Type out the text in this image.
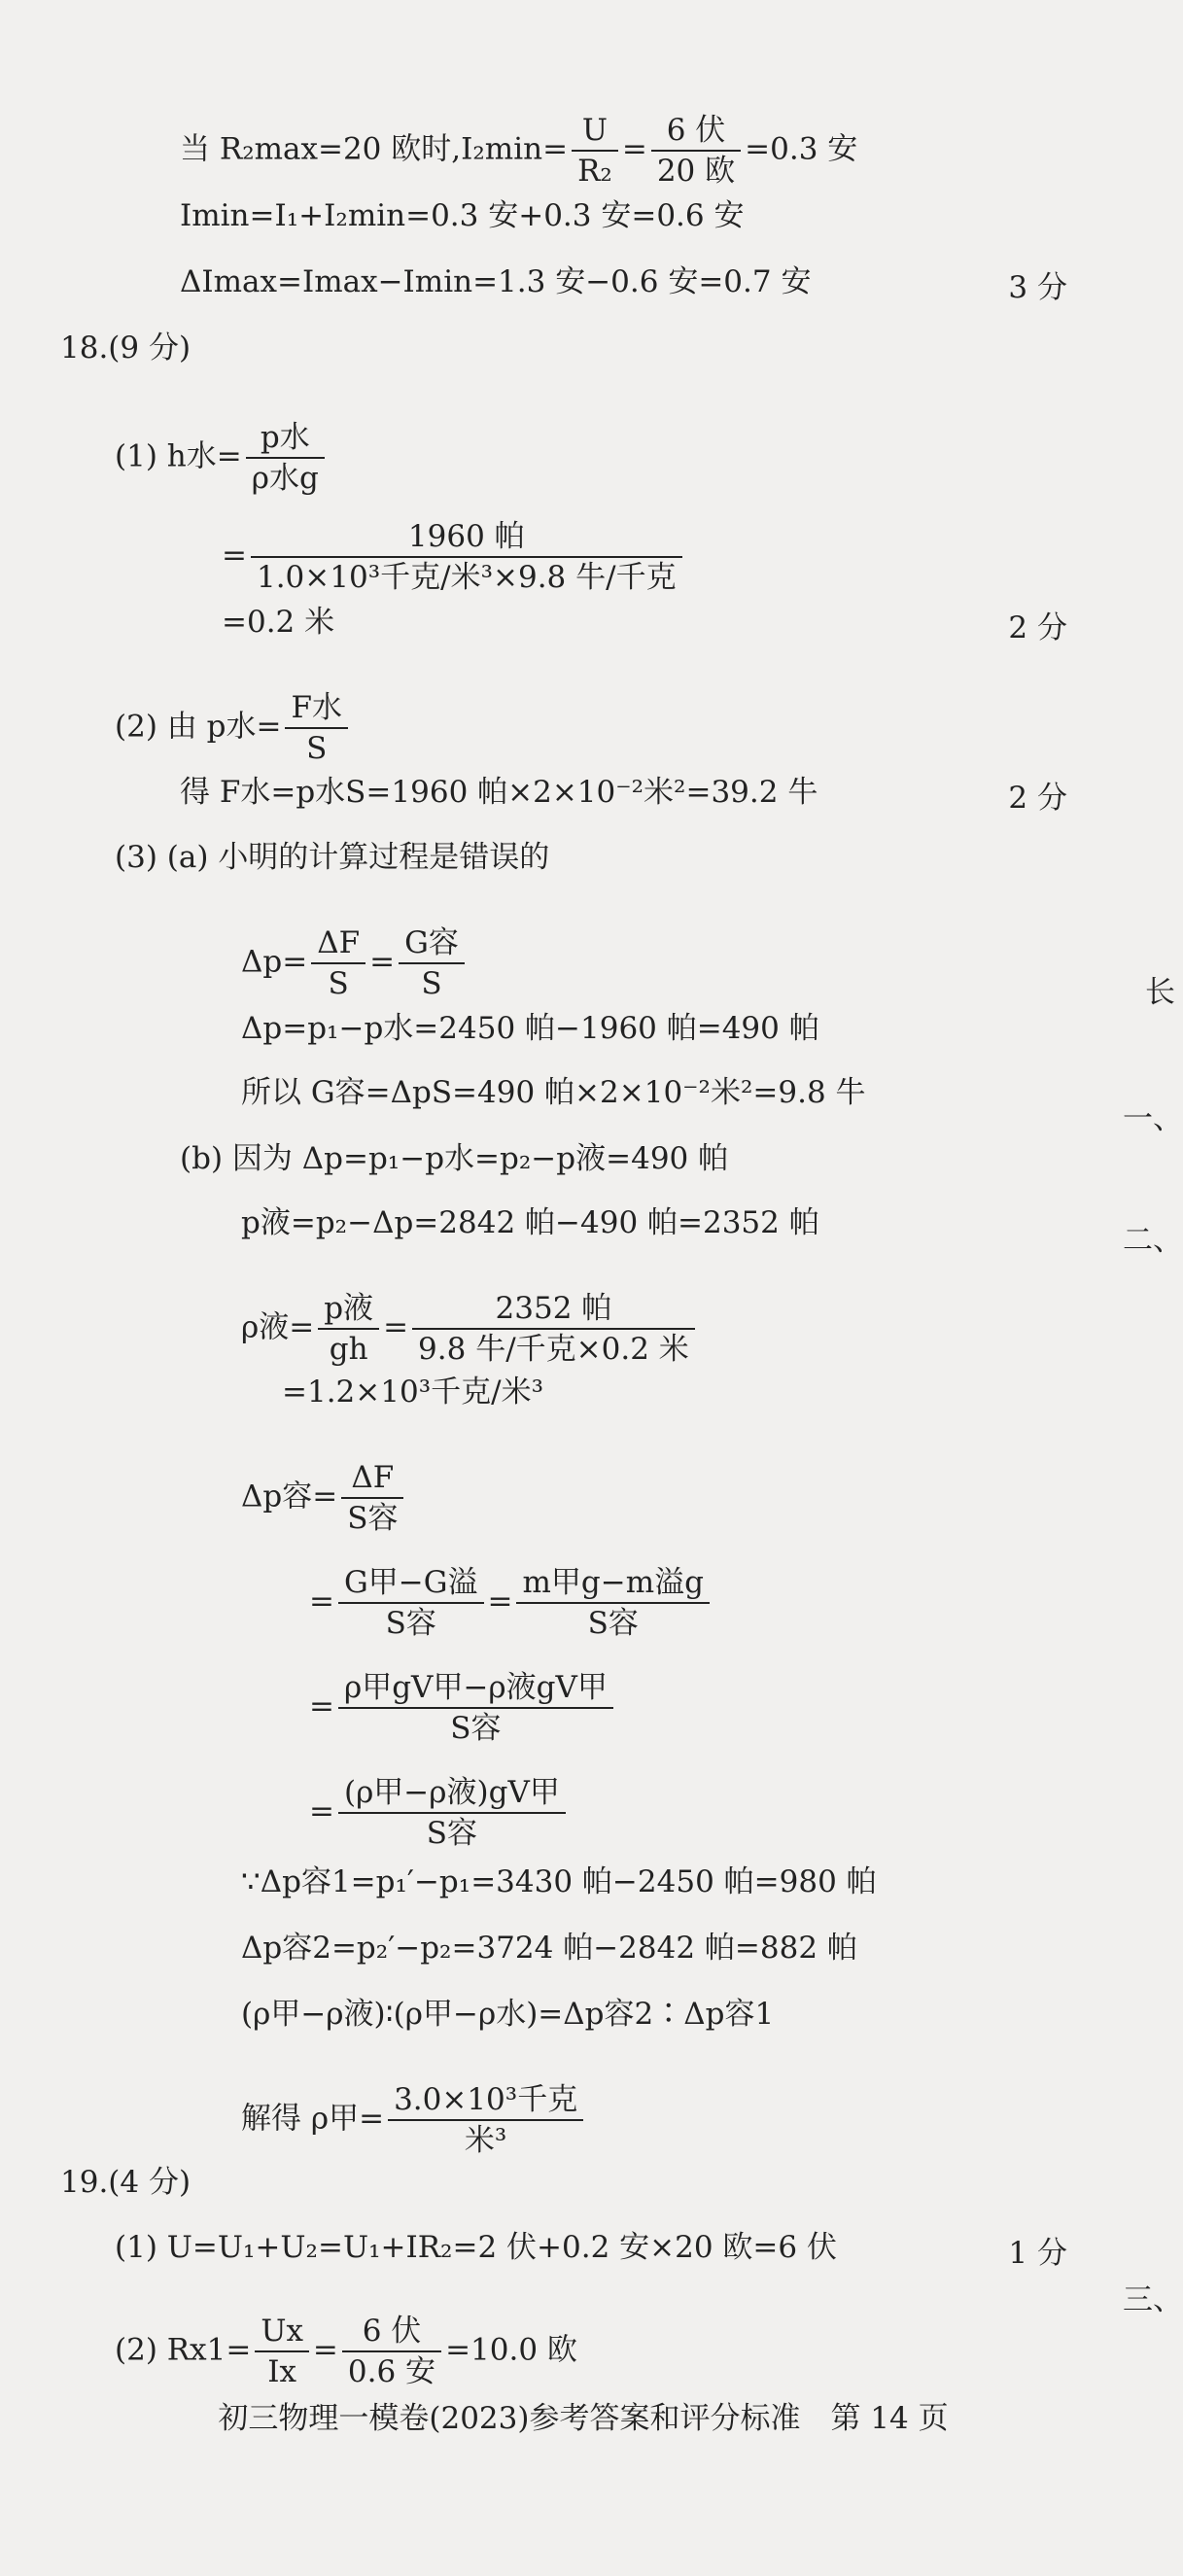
当 R₂max=20 欧时$,I_2\min= \frac{U}{\text{R₂}} = \frac{\text{6 伏}}{\text{20 欧}} =0.3$ 安
Imin=I₁+I₂min=0.3 安+0.3 安=0.6 安
ΔImax=Imax−Imin=1.3 安−0.6 安=0.7 安	3 分
18.(9 分)
(1) h水= $\frac{\text{p水}}{\text{ρ水g}}$
= $\frac{\text{1960 帕}}{\text{1.0×10³千克/米³×9.8 牛/千克}}$
=0.2 米	2 分
(2) 由 p水= $\frac{\text{F水}}{S}$
得 F水=p水S=1960 帕×2×10⁻²米²=39.2 牛	2 分
(3) (a) 小明的计算过程是错误的
$\Delta p= \frac{\Delta F}{S} = \frac{\text{G容}}{S}$
Δp=p₁−p水=2450 帕−1960 帕=490 帕
所以 G容=ΔpS=490 帕×2×10⁻²米²=9.8 牛
(b) 因为 Δp=p₁−p水=p₂−p液=490 帕
p液=p₂−Δp=2842 帕−490 帕=2352 帕
ρ液= $\frac{\text{p液}}{gh} = \frac{\text{2352 帕}}{\text{9.8 牛/千克×0.2 米}}$
=1.2×10³千克/米³
Δp容= $\frac{\Delta F}{\text{S容}}$
= $\frac{\text{G甲−G溢}}{\text{S容}} = \frac{\text{m甲g−m溢g}}{\text{S容}}$
= $\frac{\text{ρ甲gV甲−ρ液gV甲}}{\text{S容}}$
= $\frac{\text{(ρ甲−ρ液)gV甲}}{\text{S容}}$
∵Δp容1=p₁′−p₁=3430 帕−2450 帕=980 帕
Δp容2=p₂′−p₂=3724 帕−2842 帕=882 帕
(ρ甲−ρ液)∶(ρ甲−ρ水)=Δp容2∶Δp容1
解得 ρ甲= $\frac{\text{3.0×10³千克}}{\text{米³}}$
19.(4 分)
(1) U=U₁+U₂=U₁+IR₂=2 伏+0.2 安×20 欧=6 伏	1 分
(2) $Rx1= \frac{Ux}{Ix} = \frac{\text{6 伏}}{\text{0.6 安}} =10.0$ 欧
长
一、
二、
三、
初三物理一模卷(2023)参考答案和评分标准　第 14 页
